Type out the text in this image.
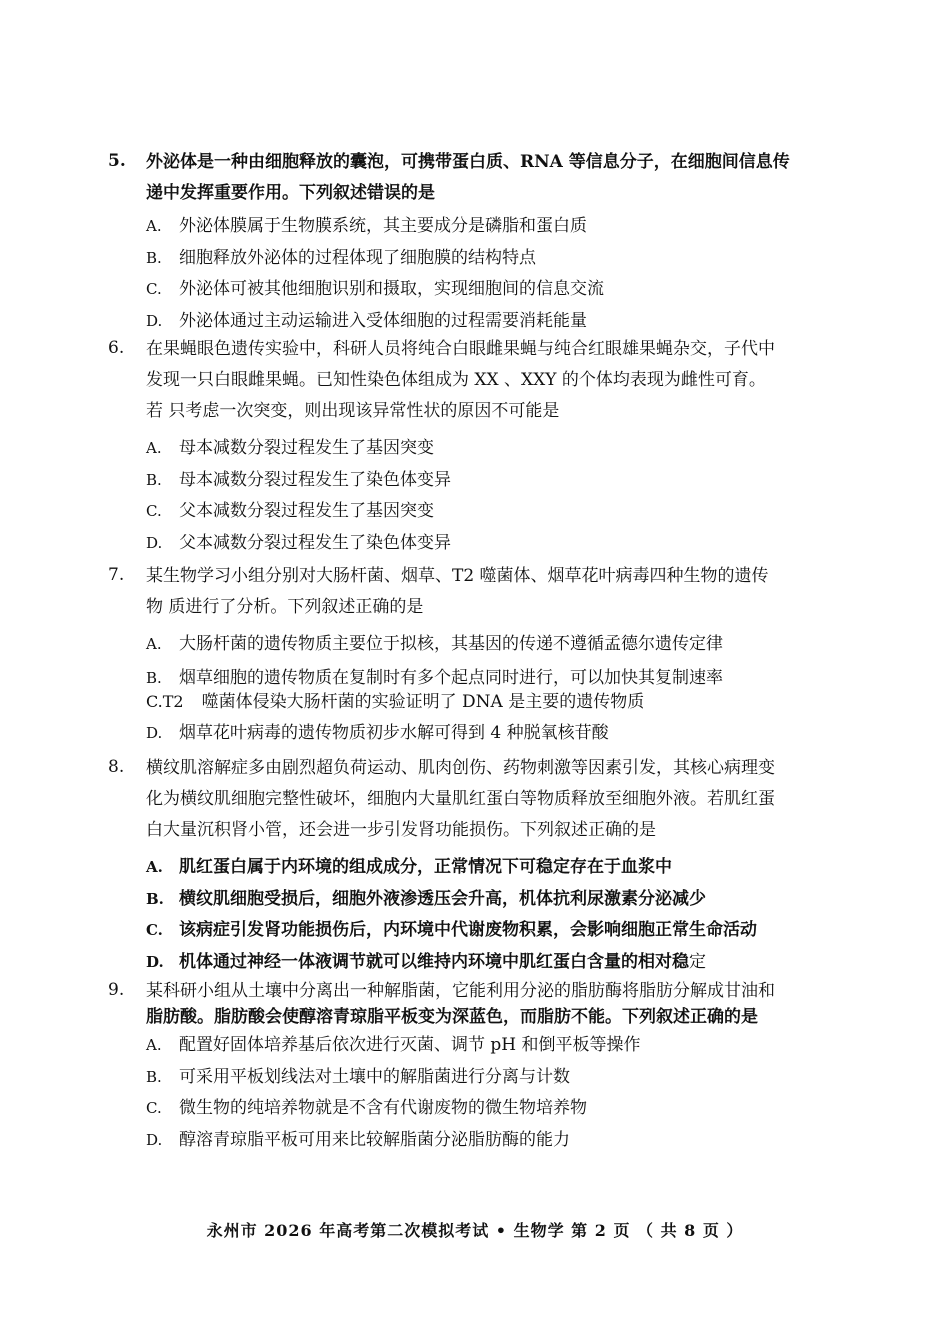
5. 外泌体是一种由细胞释放的囊泡，可携带蛋白质、RNA 等信息分子，在细胞间信息传
递中发挥重要作用。下列叙述错误的是
A. 外泌体膜属于生物膜系统，其主要成分是磷脂和蛋白质
B. 细胞释放外泌体的过程体现了细胞膜的结构特点
C. 外泌体可被其他细胞识别和摄取，实现细胞间的信息交流
D. 外泌体通过主动运输进入受体细胞的过程需要消耗能量
6. 在果蝇眼色遗传实验中，科研人员将纯合白眼雌果蝇与纯合红眼雄果蝇杂交，子代中
发现一只白眼雌果蝇。已知性染色体组成为 XX 、XXY 的个体均表现为雌性可育。
若 只考虑一次突变，则出现该异常性状的原因不可能是
A. 母本减数分裂过程发生了基因突变
B. 母本减数分裂过程发生了染色体变异
C. 父本减数分裂过程发生了基因突变
D. 父本减数分裂过程发生了染色体变异
7. 某生物学习小组分别对大肠杆菌、烟草、T2 噬菌体、烟草花叶病毒四种生物的遗传
物 质进行了分析。下列叙述正确的是
A. 大肠杆菌的遗传物质主要位于拟核，其基因的传递不遵循孟德尔遗传定律
B. 烟草细胞的遗传物质在复制时有多个起点同时进行，可以加快其复制速率
C.T2 噬菌体侵染大肠杆菌的实验证明了 DNA 是主要的遗传物质
D. 烟草花叶病毒的遗传物质初步水解可得到 4 种脱氧核苷酸
8. 横纹肌溶解症多由剧烈超负荷运动、肌肉创伤、药物刺激等因素引发，其核心病理变
化为横纹肌细胞完整性破坏，细胞内大量肌红蛋白等物质释放至细胞外液。若肌红蛋
白大量沉积肾小管，还会进一步引发肾功能损伤。下列叙述正确的是
A. 肌红蛋白属于内环境的组成成分，正常情况下可稳定存在于血浆中
B. 横纹肌细胞受损后，细胞外液渗透压会升高，机体抗利尿激素分泌减少
C. 该病症引发肾功能损伤后，内环境中代谢废物积累，会影响细胞正常生命活动
D. 机体通过神经一体液调节就可以维持内环境中肌红蛋白含量的相对稳定
9. 某科研小组从土壤中分离出一种解脂菌，它能利用分泌的脂肪酶将脂肪分解成甘油和
脂肪酸。脂肪酸会使醇溶青琼脂平板变为深蓝色，而脂肪不能。下列叙述正确的是
A. 配置好固体培养基后依次进行灭菌、调节 pH 和倒平板等操作
B. 可采用平板划线法对土壤中的解脂菌进行分离与计数
C. 微生物的纯培养物就是不含有代谢废物的微生物培养物
D. 醇溶青琼脂平板可用来比较解脂菌分泌脂肪酶的能力
永州市 2026 年高考第二次模拟考试 • 生物学 第 2 页 （ 共 8 页 ）
